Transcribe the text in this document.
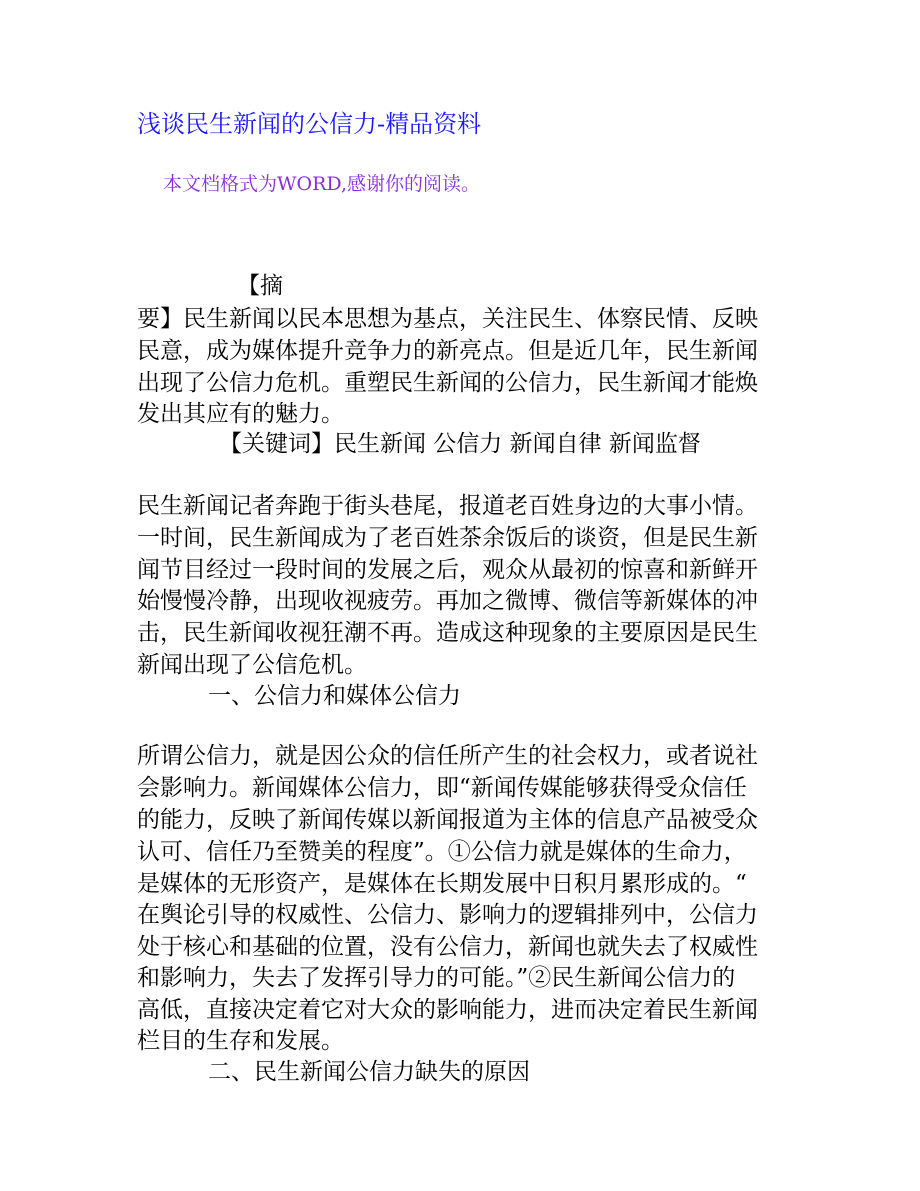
浅谈民生新闻的公信力-精品资料
本文档格式为WORD,感谢你的阅读。
【摘
要】民生新闻以民本思想为基点，关注民生、体察民情、反映
民意，成为媒体提升竞争力的新亮点。但是近几年，民生新闻
出现了公信力危机。重塑民生新闻的公信力，民生新闻才能焕
发出其应有的魅力。
【关键词】民生新闻 公信力 新闻自律 新闻监督
民生新闻记者奔跑于街头巷尾，报道老百姓身边的大事小情。
一时间，民生新闻成为了老百姓茶余饭后的谈资，但是民生新
闻节目经过一段时间的发展之后，观众从最初的惊喜和新鲜开
始慢慢冷静，出现收视疲劳。再加之微博、微信等新媒体的冲
击，民生新闻收视狂潮不再。造成这种现象的主要原因是民生
新闻出现了公信危机。
一、公信力和媒体公信力
所谓公信力，就是因公众的信任所产生的社会权力，或者说社
会影响力。新闻媒体公信力，即“新闻传媒能够获得受众信任
的能力，反映了新闻传媒以新闻报道为主体的信息产品被受众
认可、信任乃至赞美的程度”。①公信力就是媒体的生命力，
是媒体的无形资产，是媒体在长期发展中日积月累形成的。“
在舆论引导的权威性、公信力、影响力的逻辑排列中，公信力
处于核心和基础的位置，没有公信力，新闻也就失去了权威性
和影响力，失去了发挥引导力的可能。”②民生新闻公信力的
高低，直接决定着它对大众的影响能力，进而决定着民生新闻
栏目的生存和发展。
二、民生新闻公信力缺失的原因
